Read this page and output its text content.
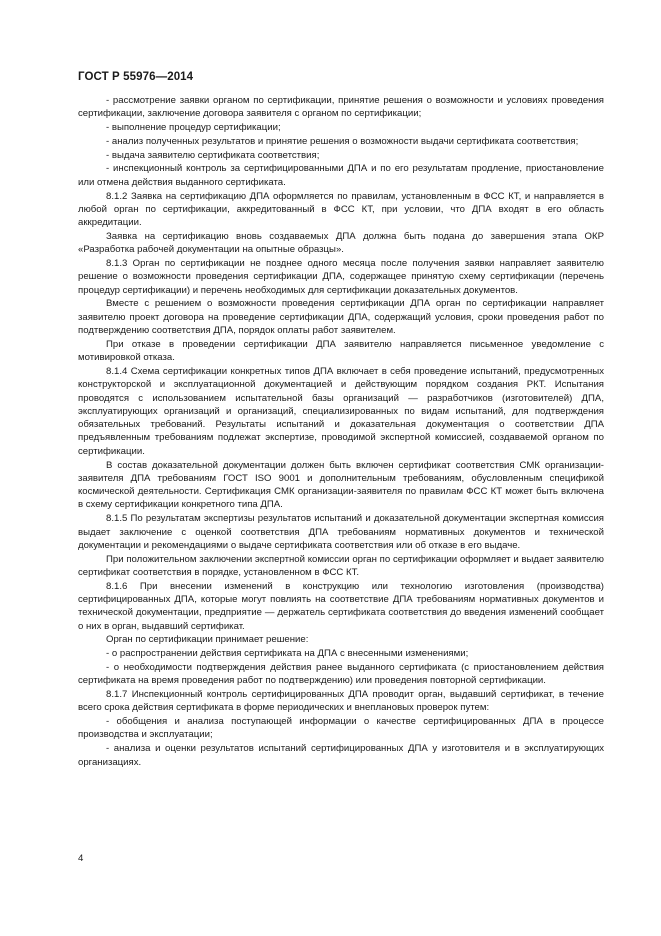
ГОСТ Р 55976—2014

- рассмотрение заявки органом по сертификации, принятие решения о возможности и условиях проведения сертификации, заключение договора заявителя с органом по сертификации;

- выполнение процедур сертификации;

- анализ полученных результатов и принятие решения о возможности выдачи сертификата соответствия;

- выдача заявителю сертификата соответствия;

- инспекционный контроль за сертифицированными ДПА и по его результатам продление, приостановление или отмена действия выданного сертификата.

8.1.2 Заявка на сертификацию ДПА оформляется по правилам, установленным в ФСС КТ, и направляется в любой орган по сертификации, аккредитованный в ФСС КТ, при условии, что ДПА входят в его область аккредитации.

Заявка на сертификацию вновь создаваемых ДПА должна быть подана до завершения этапа ОКР «Разработка рабочей документации на опытные образцы».

8.1.3 Орган по сертификации не позднее одного месяца после получения заявки направляет заявителю решение о возможности проведения сертификации ДПА, содержащее принятую схему сертификации (перечень процедур сертификации) и перечень необходимых для сертификации доказательных документов.

Вместе с решением о возможности проведения сертификации ДПА орган по сертификации направляет заявителю проект договора на проведение сертификации ДПА, содержащий условия, сроки проведения работ по подтверждению соответствия ДПА, порядок оплаты работ заявителем.

При отказе в проведении сертификации ДПА заявителю направляется письменное уведомление с мотивировкой отказа.

8.1.4 Схема сертификации конкретных типов ДПА включает в себя проведение испытаний, предусмотренных конструкторской и эксплуатационной документацией и действующим порядком создания РКТ. Испытания проводятся с использованием испытательной базы организаций — разработчиков (изготовителей) ДПА, эксплуатирующих организаций и организаций, специализированных по видам испытаний, для подтверждения обязательных требований. Результаты испытаний и доказательная документация о соответствии ДПА предъявленным требованиям подлежат экспертизе, проводимой экспертной комиссией, создаваемой органом по сертификации.

В состав доказательной документации должен быть включен сертификат соответствия СМК организации-заявителя ДПА требованиям ГОСТ ISO 9001 и дополнительным требованиям, обусловленным спецификой космической деятельности. Сертификация СМК организации-заявителя по правилам ФСС КТ может быть включена в схему сертификации конкретного типа ДПА.

8.1.5 По результатам экспертизы результатов испытаний и доказательной документации экспертная комиссия выдает заключение с оценкой соответствия ДПА требованиям нормативных документов и технической документации и рекомендациями о выдаче сертификата соответствия или об отказе в его выдаче.

При положительном заключении экспертной комиссии орган по сертификации оформляет и выдает заявителю сертификат соответствия в порядке, установленном в ФСС КТ.

8.1.6 При внесении изменений в конструкцию или технологию изготовления (производства) сертифицированных ДПА, которые могут повлиять на соответствие ДПА требованиям нормативных документов и технической документации, предприятие — держатель сертификата соответствия до введения изменений сообщает о них в орган, выдавший сертификат.

Орган по сертификации принимает решение:

- о распространении действия сертификата на ДПА с внесенными изменениями;

- о необходимости подтверждения действия ранее выданного сертификата (с приостановлением действия сертификата на время проведения работ по подтверждению) или проведения повторной сертификации.

8.1.7 Инспекционный контроль сертифицированных ДПА проводит орган, выдавший сертификат, в течение всего срока действия сертификата в форме периодических и внеплановых проверок путем:

- обобщения и анализа поступающей информации о качестве сертифицированных ДПА в процессе производства и эксплуатации;

- анализа и оценки результатов испытаний сертифицированных ДПА у изготовителя и в эксплуатирующих организациях.

4
